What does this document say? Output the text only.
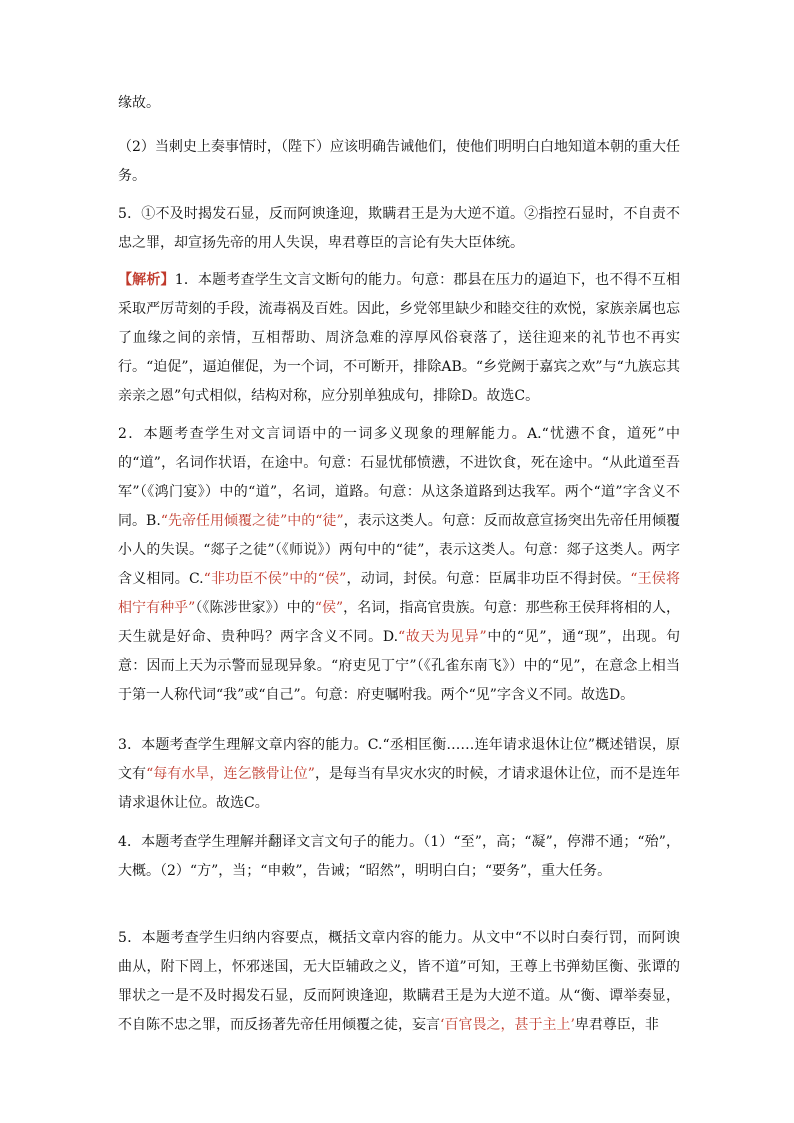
缘故。

（2）当刺史上奏事情时，（陛下）应该明确告诫他们，使他们明明白白地知道本朝的重大任务。

5．①不及时揭发石显，反而阿谀逢迎，欺瞒君王是为大逆不道。②指控石显时，不自责不忠之罪，却宣扬先帝的用人失误，卑君尊臣的言论有失大臣体统。

【解析】1．本题考查学生文言文断句的能力。句意：郡县在压力的逼迫下，也不得不互相采取严厉苛刻的手段，流毒祸及百姓。因此，乡党邻里缺少和睦交往的欢悦，家族亲属也忘了血缘之间的亲情，互相帮助、周济急难的淳厚风俗衰落了，送往迎来的礼节也不再实行。“迫促”，逼迫催促，为一个词，不可断开，排除AB。“乡党阙于嘉宾之欢”与“九族忘其亲亲之恩”句式相似，结构对称，应分别单独成句，排除D。故选C。

2．本题考查学生对文言词语中的一词多义现象的理解能力。A.“忧懑不食，道死”中的“道”，名词作状语，在途中。句意：石显忧郁愤懑，不进饮食，死在途中。“从此道至吾军”（《鸿门宴》）中的“道”，名词，道路。句意：从这条道路到达我军。两个“道”字含义不同。B.“先帝任用倾覆之徒”中的“徒”，表示这类人。句意：反而故意宣扬突出先帝任用倾覆小人的失误。“郯子之徒”（《师说》）两句中的“徒”，表示这类人。句意：郯子这类人。两字含义相同。C.“非功臣不侯”中的“侯”，动词，封侯。句意：臣属非功臣不得封侯。“王侯将相宁有种乎”（《陈涉世家》）中的“侯”，名词，指高官贵族。句意：那些称王侯拜将相的人，天生就是好命、贵种吗？两字含义不同。D.“故天为见异”中的“见”，通“现”，出现。句意：因而上天为示警而显现异象。“府吏见丁宁”（《孔雀东南飞》）中的“见”，在意念上相当于第一人称代词“我”或“自己”。句意：府吏嘱咐我。两个“见”字含义不同。故选D。

3．本题考查学生理解文章内容的能力。C.“丞相匡衡……连年请求退休让位”概述错误，原文有“每有水旱，连乞骸骨让位”，是每当有旱灾水灾的时候，才请求退休让位，而不是连年请求退休让位。故选C。

4．本题考查学生理解并翻译文言文句子的能力。（1）“至”，高；“凝”，停滞不通；“殆”，大概。（2）“方”，当；“申敕”，告诫；“昭然”，明明白白；“要务”，重大任务。

5．本题考查学生归纳内容要点，概括文章内容的能力。从文中“不以时白奏行罚，而阿谀曲从，附下罔上，怀邪迷国，无大臣辅政之义，皆不道”可知，王尊上书弹劾匡衡、张谭的罪状之一是不及时揭发石显，反而阿谀逢迎，欺瞒君王是为大逆不道。从“衡、谭举奏显，不自陈不忠之罪，而反扬著先帝任用倾覆之徒，妄言‘百官畏之，甚于主上’卑君尊臣，非
